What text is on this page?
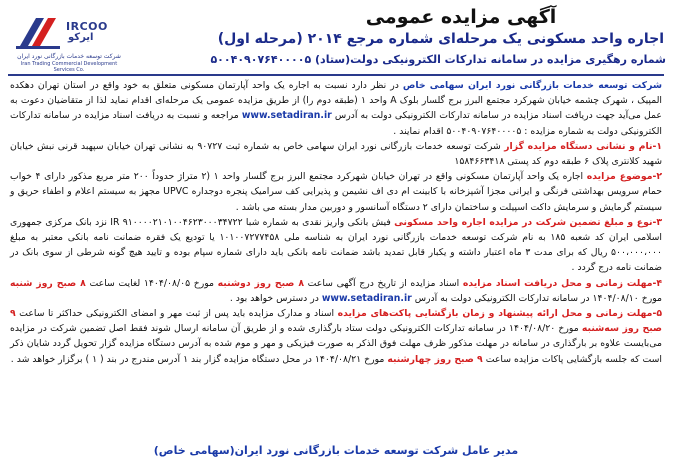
IRCOO
ایرکو
شرکت توسعه خدمات بازرگانی نورد ایران
Iran Trading Commercial Development Services Co.
آگهی مزایده عمومی
اجاره واحد مسکونی یک مرحله‌ای شماره مرجع ۲۰۱۴ (مرحله اول)
شماره رهگیری مزایده در سامانه تدارکات الکترونیکی دولت(ستاد) ۵۰۰۴۰۹۰۷۶۴۰۰۰۰۵

شرکت توسعه خدمات بازرگانی نورد ایران سهامی خاص در نظر دارد نسبت به اجاره یک واحد آپارتمان مسکونی متعلق به خود واقع در استان تهران دهکده المپیک ، شهرک چشمه خیابان شهرکرد مجتمع البرز برج گلسار بلوک A واحد ۱ (طبقه دوم را) از طریق مزایده عمومی یک مرحله‌ای اقدام نماید لذا از متقاضیان دعوت به عمل می‌آید جهت دریافت اسناد مزایده در سامانه تدارکات الکترونیکی دولت به آدرس www.setadiran.ir مراجعه و نسبت به دریافت اسناد مزایده در سامانه تدارکات الکترونیکی دولت به شماره مزایده : ۵۰۰۴۰۹۰۷۶۴۰۰۰۰۵ اقدام نمایند .

۱-نام و نشانی دستگاه مزایده گزار شرکت توسعه خدمات بازرگانی نورد ایران سهامی خاص به شماره ثبت ۹۰۷۲۷ به نشانی تهران خیابان سپهبد قرنی نبش خیابان شهید کلانتری پلاک ۶ طبقه دوم کد پستی ۱۵۸۴۶۶۳۴۱۸

۲-موضوع مزایده اجاره یک واحد آپارتمان مسکونی واقع در تهران خیابان شهرکرد مجتمع البرز برج گلسار واحد ۱ (۲ متراژ حدوداً ۲۰۰ متر مربع مذکور دارای ۴ خواب حمام سرویس بهداشتی فرنگی و ایرانی مجزا آشپزخانه با کابینت ام دی اف نشیمن و پذیرایی کف سرامیک پنجره دوجداره UPVC مجهز به سیستم اعلام و اطفاء حریق و سیستم گرمایش و سرمایش داکت اسپیلت و ساختمان دارای ۲ دستگاه آسانسور و دوربین مدار بسته می باشد .

۳-نوع و مبلغ تضمین شرکت در مزایده اجاره واحد مسکونی فیش بانکی واریز نقدی به شماره شبا IR ۹۱۰۰۰۰۲۱۰۱۰۰۴۶۲۳۰۰۰۳۴۷۲۲ نزد بانک مرکزی جمهوری اسلامی ایران کد شعبه ۱۸۵ به نام شرکت توسعه خدمات بازرگانی نورد ایران به شناسه ملی ۱۰۱۰۰۷۲۷۷۴۵۸ یا تودیع یک فقره ضمانت نامه بانکی معتبر به مبلغ ۵۰۰،۰۰۰،۰۰۰ ریال که برای مدت ۳ ماه اعتبار داشته و یکبار قابل تمدید باشد ضمانت نامه بانکی باید دارای شماره سپام بوده و تایید هیچ گونه شرطی از سوی بانک در ضمانت نامه درج گردد .

۴-مهلت زمانی و محل دریافت اسناد مزایده اسناد مزایده از تاریخ درج آگهی ساعت ۸ صبح روز دوشنبه مورخ ۱۴۰۴/۰۸/۰۵ لغایت ساعت ۸ صبح روز شنبه مورخ ۱۴۰۴/۰۸/۱۰ در سامانه تدارکات الکترونیکی دولت به آدرس www.setadiran.ir در دسترس خواهد بود .

۵-مهلت زمانی و محل ارائه پیشنهاد و زمان بازگشایی پاکت‌های مزایده اسناد و مدارک مزایده باید پس از ثبت مهر و امضای الکترونیکی حداکثر تا ساعت ۹ صبح روز سه‌شنبه مورخ ۱۴۰۴/۰۸/۲۰ در سامانه تدارکات الکترونیکی دولت ستاد بارگذاری شده و از طریق آن سامانه ارسال شوند فقط اصل تضمین شرکت در مزایده می‌بایست علاوه بر بارگذاری در سامانه در مهلت مذکور ظرف مهلت فوق الذکر به صورت فیزیکی و مهر و موم شده به آدرس دستگاه مزایده گزار تحویل گردد شایان ذکر است که جلسه بازگشایی پاکات مزایده ساعت ۹ صبح روز چهارشنبه مورخ ۱۴۰۴/۰۸/۲۱ در محل دستگاه مزایده گزار بند ۱ آدرس مندرج در بند ( ۱ ) برگزار خواهد شد .

مدیر عامل شرکت توسعه خدمات بازرگانی نورد ایران(سهامی خاص)
